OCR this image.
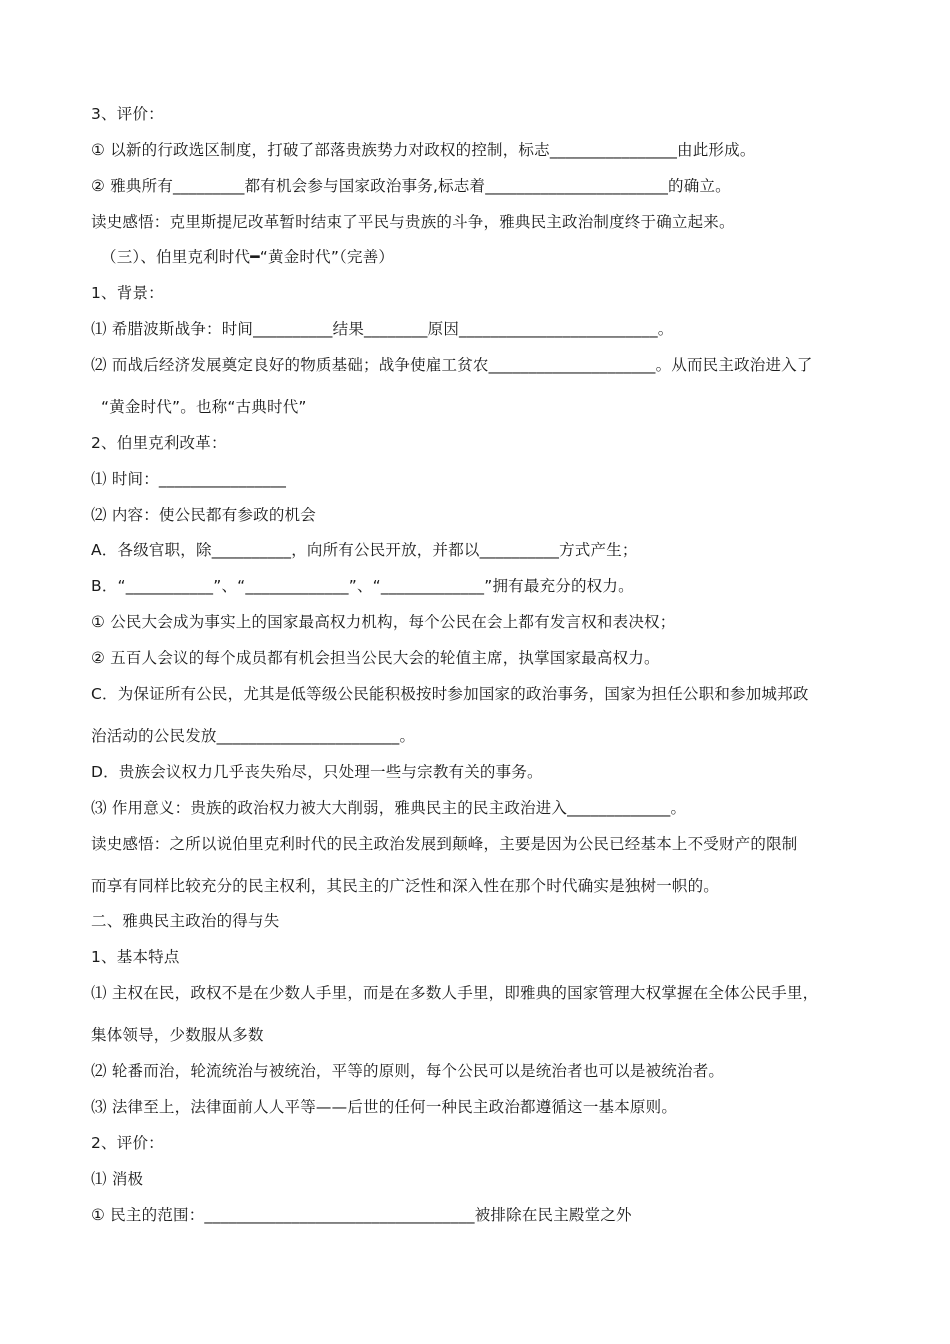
3、评价：
① 以新的行政选区制度，打破了部落贵族势力对政权的控制，标志________________由此形成。
② 雅典所有_________都有机会参与国家政治事务,标志着_______________________的确立。
读史感悟：克里斯提尼改革暂时结束了平民与贵族的斗争，雅典民主政治制度终于确立起来。
（三）、伯里克利时代━“黄金时代”（完善）
1、背景：
⑴ 希腊波斯战争：时间__________结果________原因_________________________。
⑵ 而战后经济发展奠定良好的物质基础；战争使雇工贫农_____________________。从而民主政治进入了
“黄金时代”。也称“古典时代”
2、伯里克利改革：
⑴ 时间：________________
⑵ 内容：使公民都有参政的机会
A．各级官职，除__________，向所有公民开放，并都以__________方式产生；
B．“___________”、“_____________”、“_____________”拥有最充分的权力。
① 公民大会成为事实上的国家最高权力机构，每个公民在会上都有发言权和表决权；
② 五百人会议的每个成员都有机会担当公民大会的轮值主席，执掌国家最高权力。
C．为保证所有公民，尤其是低等级公民能积极按时参加国家的政治事务，国家为担任公职和参加城邦政
治活动的公民发放_______________________。
D．贵族会议权力几乎丧失殆尽，只处理一些与宗教有关的事务。
⑶ 作用意义：贵族的政治权力被大大削弱，雅典民主的民主政治进入_____________。
读史感悟：之所以说伯里克利时代的民主政治发展到颠峰，主要是因为公民已经基本上不受财产的限制
而享有同样比较充分的民主权利，其民主的广泛性和深入性在那个时代确实是独树一帜的。
二、雅典民主政治的得与失
1、基本特点
⑴ 主权在民，政权不是在少数人手里，而是在多数人手里，即雅典的国家管理大权掌握在全体公民手里，
集体领导，少数服从多数
⑵ 轮番而治，轮流统治与被统治，平等的原则，每个公民可以是统治者也可以是被统治者。
⑶ 法律至上，法律面前人人平等——后世的任何一种民主政治都遵循这一基本原则。
2、评价：
⑴ 消极
① 民主的范围：__________________________________被排除在民主殿堂之外
